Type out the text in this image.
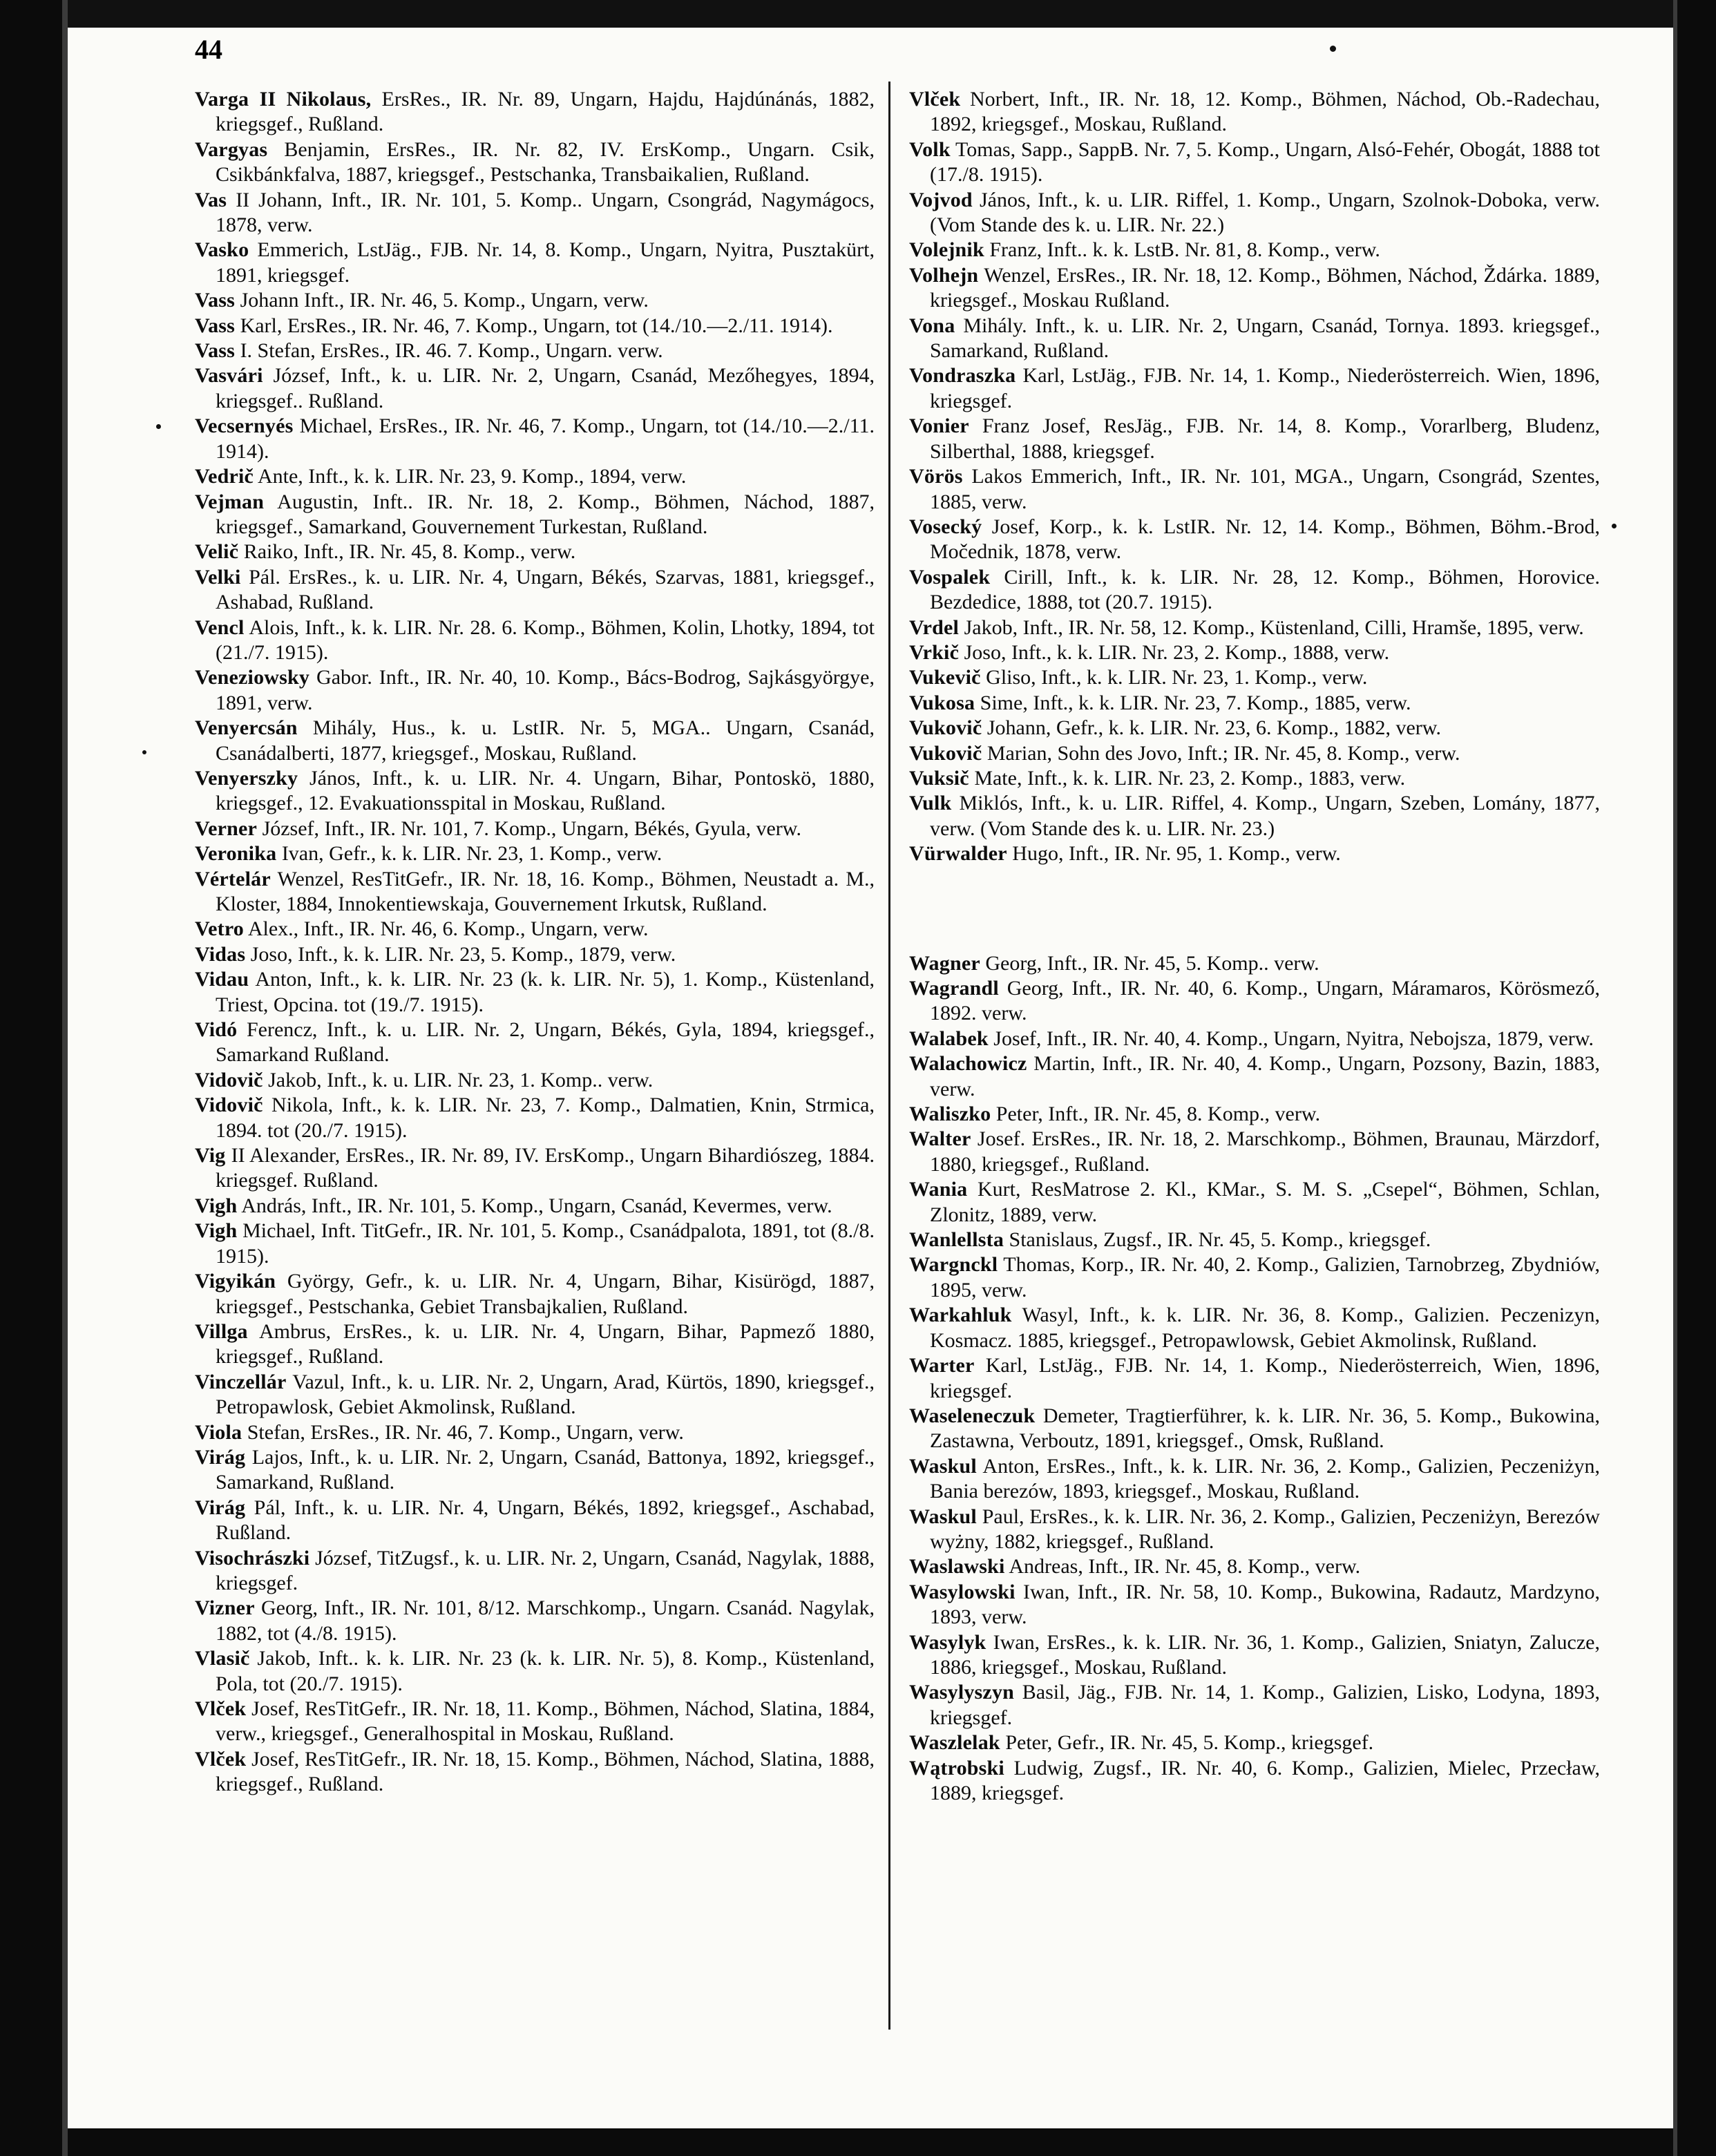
44

Varga II Nikolaus, ErsRes., IR. Nr. 89, Ungarn, Hajdu, Hajdúnánás, 1882, kriegsgef., Rußland.

Vargyas Benjamin, ErsRes., IR. Nr. 82, IV. ErsKomp., Ungarn. Csik, Csikbánkfalva, 1887, kriegsgef., Pestschanka, Transbaikalien, Rußland.

Vas II Johann, Inft., IR. Nr. 101, 5. Komp.. Ungarn, Csongrád, Nagymágocs, 1878, verw.

Vasko Emmerich, LstJäg., FJB. Nr. 14, 8. Komp., Ungarn, Nyitra, Pusztakürt, 1891, kriegsgef.

Vass Johann Inft., IR. Nr. 46, 5. Komp., Ungarn, verw.

Vass Karl, ErsRes., IR. Nr. 46, 7. Komp., Ungarn, tot (14./10.—2./11. 1914).

Vass I. Stefan, ErsRes., IR. 46. 7. Komp., Ungarn. verw.

Vasvári József, Inft., k. u. LIR. Nr. 2, Ungarn, Csanád, Mezőhegyes, 1894, kriegsgef.. Rußland.

Vecsernyés Michael, ErsRes., IR. Nr. 46, 7. Komp., Ungarn, tot (14./10.—2./11. 1914).

Vedrič Ante, Inft., k. k. LIR. Nr. 23, 9. Komp., 1894, verw.

Vejman Augustin, Inft.. IR. Nr. 18, 2. Komp., Böhmen, Náchod, 1887, kriegsgef., Samarkand, Gouvernement Turkestan, Rußland.

Velič Raiko, Inft., IR. Nr. 45, 8. Komp., verw.

Velki Pál. ErsRes., k. u. LIR. Nr. 4, Ungarn, Békés, Szarvas, 1881, kriegsgef., Ashabad, Rußland.

Vencl Alois, Inft., k. k. LIR. Nr. 28. 6. Komp., Böhmen, Kolin, Lhotky, 1894, tot (21./7. 1915).

Veneziowsky Gabor. Inft., IR. Nr. 40, 10. Komp., Bács-Bodrog, Sajkásgyörgye, 1891, verw.

Venyercsán Mihály, Hus., k. u. LstIR. Nr. 5, MGA.. Ungarn, Csanád, Csanádalberti, 1877, kriegsgef., Moskau, Rußland.

Venyerszky János, Inft., k. u. LIR. Nr. 4. Ungarn, Bihar, Pontoskö, 1880, kriegsgef., 12. Evakuationsspital in Moskau, Rußland.

Verner József, Inft., IR. Nr. 101, 7. Komp., Ungarn, Békés, Gyula, verw.

Veronika Ivan, Gefr., k. k. LIR. Nr. 23, 1. Komp., verw.

Vértelár Wenzel, ResTitGefr., IR. Nr. 18, 16. Komp., Böhmen, Neustadt a. M., Kloster, 1884, Innokentiewskaja, Gouvernement Irkutsk, Rußland.

Vetro Alex., Inft., IR. Nr. 46, 6. Komp., Ungarn, verw.

Vidas Joso, Inft., k. k. LIR. Nr. 23, 5. Komp., 1879, verw.

Vidau Anton, Inft., k. k. LIR. Nr. 23 (k. k. LIR. Nr. 5), 1. Komp., Küstenland, Triest, Opcina. tot (19./7. 1915).

Vidó Ferencz, Inft., k. u. LIR. Nr. 2, Ungarn, Békés, Gyla, 1894, kriegsgef., Samarkand Rußland.

Vidovič Jakob, Inft., k. u. LIR. Nr. 23, 1. Komp.. verw.

Vidovič Nikola, Inft., k. k. LIR. Nr. 23, 7. Komp., Dalmatien, Knin, Strmica, 1894. tot (20./7. 1915).

Vig II Alexander, ErsRes., IR. Nr. 89, IV. ErsKomp., Ungarn Bihardiószeg, 1884. kriegsgef. Rußland.

Vigh András, Inft., IR. Nr. 101, 5. Komp., Ungarn, Csanád, Kevermes, verw.

Vigh Michael, Inft. TitGefr., IR. Nr. 101, 5. Komp., Csanádpalota, 1891, tot (8./8. 1915).

Vigyikán György, Gefr., k. u. LIR. Nr. 4, Ungarn, Bihar, Kisürögd, 1887, kriegsgef., Pestschanka, Gebiet Transbajkalien, Rußland.

Villga Ambrus, ErsRes., k. u. LIR. Nr. 4, Ungarn, Bihar, Papmező 1880, kriegsgef., Rußland.

Vinczellár Vazul, Inft., k. u. LIR. Nr. 2, Ungarn, Arad, Kürtös, 1890, kriegsgef., Petropawlosk, Gebiet Akmolinsk, Rußland.

Viola Stefan, ErsRes., IR. Nr. 46, 7. Komp., Ungarn, verw.

Virág Lajos, Inft., k. u. LIR. Nr. 2, Ungarn, Csanád, Battonya, 1892, kriegsgef., Samarkand, Rußland.

Virág Pál, Inft., k. u. LIR. Nr. 4, Ungarn, Békés, 1892, kriegsgef., Aschabad, Rußland.

Visochrászki József, TitZugsf., k. u. LIR. Nr. 2, Ungarn, Csanád, Nagylak, 1888, kriegsgef.

Vizner Georg, Inft., IR. Nr. 101, 8/12. Marschkomp., Ungarn. Csanád. Nagylak, 1882, tot (4./8. 1915).

Vlasič Jakob, Inft.. k. k. LIR. Nr. 23 (k. k. LIR. Nr. 5), 8. Komp., Küstenland, Pola, tot (20./7. 1915).

Vlček Josef, ResTitGefr., IR. Nr. 18, 11. Komp., Böhmen, Náchod, Slatina, 1884, verw., kriegsgef., Generalhospital in Moskau, Rußland.

Vlček Josef, ResTitGefr., IR. Nr. 18, 15. Komp., Böhmen, Náchod, Slatina, 1888, kriegsgef., Rußland.

Vlček Norbert, Inft., IR. Nr. 18, 12. Komp., Böhmen, Náchod, Ob.-Radechau, 1892, kriegsgef., Moskau, Rußland.

Volk Tomas, Sapp., SappB. Nr. 7, 5. Komp., Ungarn, Alsó-Fehér, Obogát, 1888 tot (17./8. 1915).

Vojvod János, Inft., k. u. LIR. Riffel, 1. Komp., Ungarn, Szolnok-Doboka, verw. (Vom Stande des k. u. LIR. Nr. 22.)

Volejnik Franz, Inft.. k. k. LstB. Nr. 81, 8. Komp., verw.

Volhejn Wenzel, ErsRes., IR. Nr. 18, 12. Komp., Böhmen, Náchod, Ždárka. 1889, kriegsgef., Moskau Rußland.

Vona Mihály. Inft., k. u. LIR. Nr. 2, Ungarn, Csanád, Tornya. 1893. kriegsgef., Samarkand, Rußland.

Vondraszka Karl, LstJäg., FJB. Nr. 14, 1. Komp., Niederösterreich. Wien, 1896, kriegsgef.

Vonier Franz Josef, ResJäg., FJB. Nr. 14, 8. Komp., Vorarlberg, Bludenz, Silberthal, 1888, kriegsgef.

Vörös Lakos Emmerich, Inft., IR. Nr. 101, MGA., Ungarn, Csongrád, Szentes, 1885, verw.

Vosecký Josef, Korp., k. k. LstIR. Nr. 12, 14. Komp., Böhmen, Böhm.-Brod, Močednik, 1878, verw.

Vospalek Cirill, Inft., k. k. LIR. Nr. 28, 12. Komp., Böhmen, Horovice. Bezdedice, 1888, tot (20.7. 1915).

Vrdel Jakob, Inft., IR. Nr. 58, 12. Komp., Küstenland, Cilli, Hramše, 1895, verw.

Vrkič Joso, Inft., k. k. LIR. Nr. 23, 2. Komp., 1888, verw.

Vukevič Gliso, Inft., k. k. LIR. Nr. 23, 1. Komp., verw.

Vukosa Sime, Inft., k. k. LIR. Nr. 23, 7. Komp., 1885, verw.

Vukovič Johann, Gefr., k. k. LIR. Nr. 23, 6. Komp., 1882, verw.

Vukovič Marian, Sohn des Jovo, Inft.; IR. Nr. 45, 8. Komp., verw.

Vuksič Mate, Inft., k. k. LIR. Nr. 23, 2. Komp., 1883, verw.

Vulk Miklós, Inft., k. u. LIR. Riffel, 4. Komp., Ungarn, Szeben, Lomány, 1877, verw. (Vom Stande des k. u. LIR. Nr. 23.)

Vürwalder Hugo, Inft., IR. Nr. 95, 1. Komp., verw.

Wagner Georg, Inft., IR. Nr. 45, 5. Komp.. verw.

Wagrandl Georg, Inft., IR. Nr. 40, 6. Komp., Ungarn, Máramaros, Körösmező, 1892. verw.

Walabek Josef, Inft., IR. Nr. 40, 4. Komp., Ungarn, Nyitra, Nebojsza, 1879, verw.

Walachowicz Martin, Inft., IR. Nr. 40, 4. Komp., Ungarn, Pozsony, Bazin, 1883, verw.

Waliszko Peter, Inft., IR. Nr. 45, 8. Komp., verw.

Walter Josef. ErsRes., IR. Nr. 18, 2. Marschkomp., Böhmen, Braunau, Märzdorf, 1880, kriegsgef., Rußland.

Wania Kurt, ResMatrose 2. Kl., KMar., S. M. S. „Csepel“, Böhmen, Schlan, Zlonitz, 1889, verw.

Wanlellsta Stanislaus, Zugsf., IR. Nr. 45, 5. Komp., kriegsgef.

Wargnckl Thomas, Korp., IR. Nr. 40, 2. Komp., Galizien, Tarnobrzeg, Zbydniów, 1895, verw.

Warkahluk Wasyl, Inft., k. k. LIR. Nr. 36, 8. Komp., Galizien. Peczenizyn, Kosmacz. 1885, kriegsgef., Petropawlowsk, Gebiet Akmolinsk, Rußland.

Warter Karl, LstJäg., FJB. Nr. 14, 1. Komp., Niederösterreich, Wien, 1896, kriegsgef.

Waseleneczuk Demeter, Tragtierführer, k. k. LIR. Nr. 36, 5. Komp., Bukowina, Zastawna, Verboutz, 1891, kriegsgef., Omsk, Rußland.

Waskul Anton, ErsRes., Inft., k. k. LIR. Nr. 36, 2. Komp., Galizien, Peczeniżyn, Bania berezów, 1893, kriegsgef., Moskau, Rußland.

Waskul Paul, ErsRes., k. k. LIR. Nr. 36, 2. Komp., Galizien, Peczeniżyn, Berezów wyżny, 1882, kriegsgef., Rußland.

Waslawski Andreas, Inft., IR. Nr. 45, 8. Komp., verw.

Wasylowski Iwan, Inft., IR. Nr. 58, 10. Komp., Bukowina, Radautz, Mardzyno, 1893, verw.

Wasylyk Iwan, ErsRes., k. k. LIR. Nr. 36, 1. Komp., Galizien, Sniatyn, Zalucze, 1886, kriegsgef., Moskau, Rußland.

Wasylyszyn Basil, Jäg., FJB. Nr. 14, 1. Komp., Galizien, Lisko, Lodyna, 1893, kriegsgef.

Waszlelak Peter, Gefr., IR. Nr. 45, 5. Komp., kriegsgef.

Wątrobski Ludwig, Zugsf., IR. Nr. 40, 6. Komp., Galizien, Mielec, Przecław, 1889, kriegsgef.
